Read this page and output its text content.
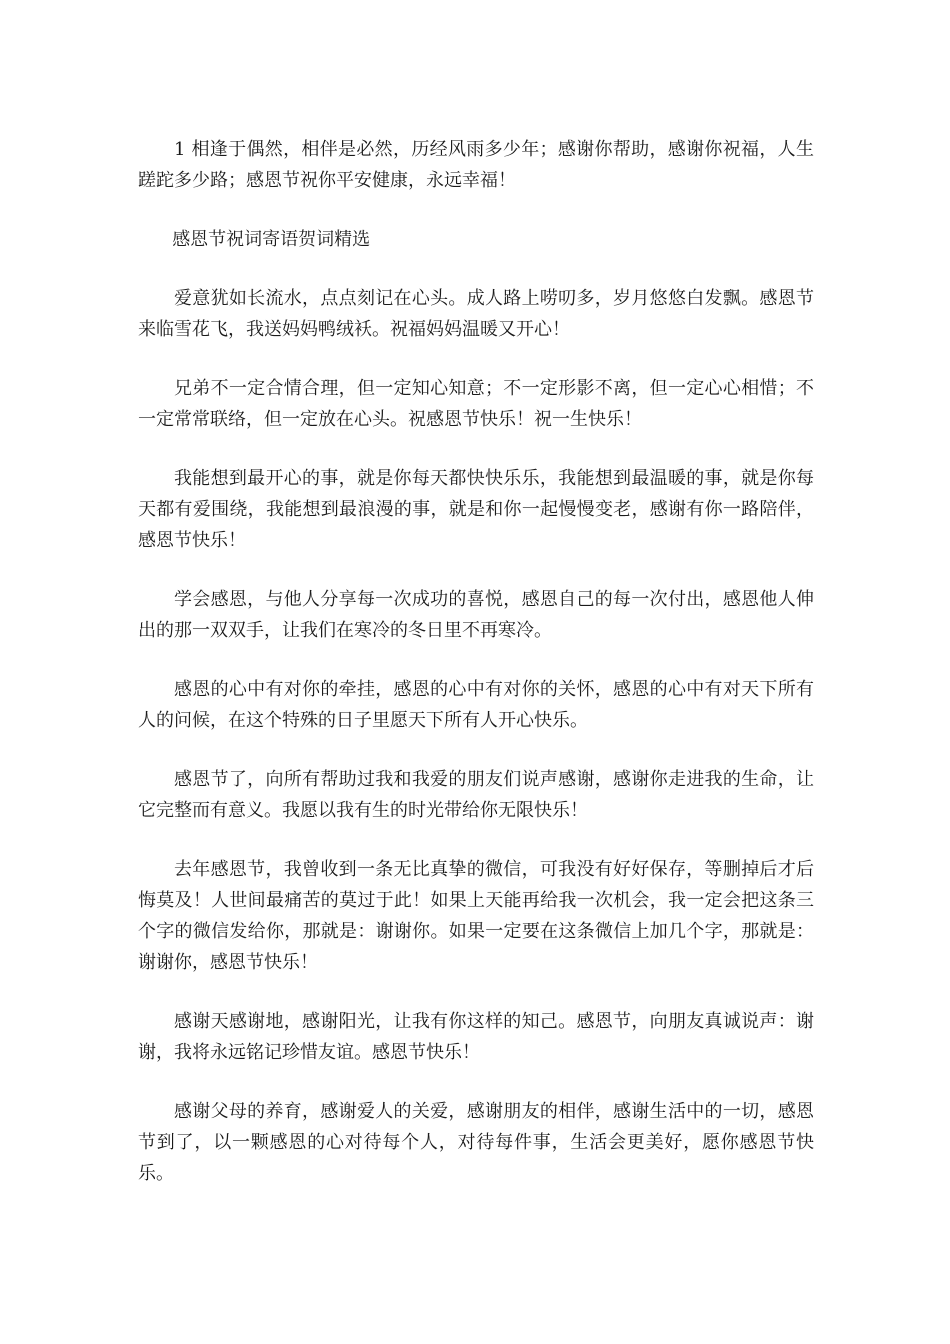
1 相逢于偶然，相伴是必然，历经风雨多少年；感谢你帮助，感谢你祝福，人生蹉跎多少路；感恩节祝你平安健康，永远幸福！

感恩节祝词寄语贺词精选

爱意犹如长流水，点点刻记在心头。成人路上唠叨多，岁月悠悠白发飘。感恩节来临雪花飞，我送妈妈鸭绒袄。祝福妈妈温暖又开心！

兄弟不一定合情合理，但一定知心知意；不一定形影不离，但一定心心相惜；不一定常常联络，但一定放在心头。祝感恩节快乐！祝一生快乐！

我能想到最开心的事，就是你每天都快快乐乐，我能想到最温暖的事，就是你每天都有爱围绕，我能想到最浪漫的事，就是和你一起慢慢变老，感谢有你一路陪伴，感恩节快乐！

学会感恩，与他人分享每一次成功的喜悦，感恩自己的每一次付出，感恩他人伸出的那一双双手，让我们在寒冷的冬日里不再寒冷。

感恩的心中有对你的牵挂，感恩的心中有对你的关怀，感恩的心中有对天下所有人的问候，在这个特殊的日子里愿天下所有人开心快乐。

感恩节了，向所有帮助过我和我爱的朋友们说声感谢，感谢你走进我的生命，让它完整而有意义。我愿以我有生的时光带给你无限快乐！

去年感恩节，我曾收到一条无比真挚的微信，可我没有好好保存，等删掉后才后悔莫及！人世间最痛苦的莫过于此！如果上天能再给我一次机会，我一定会把这条三个字的微信发给你，那就是：谢谢你。如果一定要在这条微信上加几个字，那就是：谢谢你，感恩节快乐！

感谢天感谢地，感谢阳光，让我有你这样的知己。感恩节，向朋友真诚说声：谢谢，我将永远铭记珍惜友谊。感恩节快乐！

感谢父母的养育，感谢爱人的关爱，感谢朋友的相伴，感谢生活中的一切，感恩节到了，以一颗感恩的心对待每个人，对待每件事，生活会更美好，愿你感恩节快乐。
